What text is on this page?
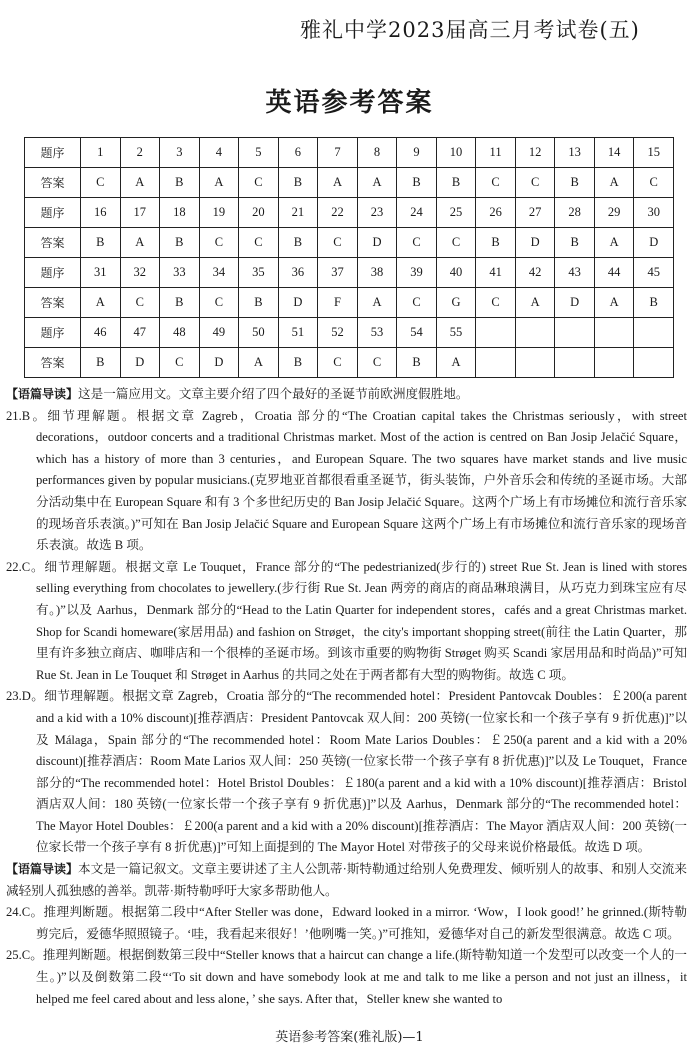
雅礼中学2023届高三月考试卷(五)
英语参考答案
题序	1	2	3	4	5	6	7	8	9	10	11	12	13	14	15
答案	C	A	B	A	C	B	A	A	B	B	C	C	B	A	C
题序	16	17	18	19	20	21	22	23	24	25	26	27	28	29	30
答案	B	A	B	C	C	B	C	D	C	C	B	D	B	A	D
题序	31	32	33	34	35	36	37	38	39	40	41	42	43	44	45
答案	A	C	B	C	B	D	F	A	C	G	C	A	D	A	B
题序	46	47	48	49	50	51	52	53	54	55					
答案	B	D	C	D	A	B	C	C	B	A					

【语篇导读】这是一篇应用文。文章主要介绍了四个最好的圣诞节前欧洲度假胜地。

21.B。细节理解题。根据文章 Zagreb，Croatia 部分的“The Croatian capital takes the Christmas seriously，with street decorations，outdoor concerts and a traditional Christmas market. Most of the action is centred on Ban Josip Jelačić Square，which has a history of more than 3 centuries，and European Square. The two squares have market stands and live music performances given by popular musicians.(克罗地亚首都很看重圣诞节，街头装饰，户外音乐会和传统的圣诞市场。大部分活动集中在 European Square 和有 3 个多世纪历史的 Ban Josip Jelačić Square。这两个广场上有市场摊位和流行音乐家的现场音乐表演。)”可知在 Ban Josip Jelačić Square and European Square 这两个广场上有市场摊位和流行音乐家的现场音乐表演。故选 B 项。

22.C。细节理解题。根据文章 Le Touquet，France 部分的“The pedestrianized(步行的) street Rue St. Jean is lined with stores selling everything from chocolates to jewellery.(步行街 Rue St. Jean 两旁的商店的商品琳琅满目，从巧克力到珠宝应有尽有。)”以及 Aarhus，Denmark 部分的“Head to the Latin Quarter for independent stores，cafés and a great Christmas market. Shop for Scandi homeware(家居用品) and fashion on Strøget，the city's important shopping street(前往 the Latin Quarter，那里有许多独立商店、咖啡店和一个很棒的圣诞市场。到该市重要的购物街 Strøget 购买 Scandi 家居用品和时尚品)”可知 Rue St. Jean in Le Touquet 和 Strøget in Aarhus 的共同之处在于两者都有大型的购物街。故选 C 项。

23.D。细节理解题。根据文章 Zagreb，Croatia 部分的“The recommended hotel：President Pantovcak Doubles：￡200(a parent and a kid with a 10% discount)[推荐酒店：President Pantovcak 双人间：200 英镑(一位家长和一个孩子享有 9 折优惠)]”以及 Málaga，Spain 部分的“The recommended hotel：Room Mate Larios Doubles：￡250(a parent and a kid with a 20% discount)[推荐酒店：Room Mate Larios 双人间：250 英镑(一位家长带一个孩子享有 8 折优惠)]”以及 Le Touquet，France 部分的“The recommended hotel：Hotel Bristol Doubles：￡180(a parent and a kid with a 10% discount)[推荐酒店：Bristol 酒店双人间：180 英镑(一位家长带一个孩子享有 9 折优惠)]”以及 Aarhus，Denmark 部分的“The recommended hotel：The Mayor Hotel Doubles：￡200(a parent and a kid with a 20% discount)[推荐酒店：The Mayor 酒店双人间：200 英镑(一位家长带一个孩子享有 8 折优惠)]”可知上面提到的 The Mayor Hotel 对带孩子的父母来说价格最低。故选 D 项。

【语篇导读】本文是一篇记叙文。文章主要讲述了主人公凯蒂·斯特勒通过给别人免费理发、倾听别人的故事、和别人交流来减轻别人孤独感的善举。凯蒂·斯特勒呼吁大家多帮助他人。

24.C。推理判断题。根据第二段中“After Steller was done，Edward looked in a mirror. ‘Wow，I look good!’ he grinned.(斯特勒剪完后，爱德华照照镜子。‘哇，我看起来很好！’他咧嘴一笑。)”可推知，爱德华对自己的新发型很满意。故选 C 项。

25.C。推理判断题。根据倒数第三段中“Steller knows that a haircut can change a life.(斯特勒知道一个发型可以改变一个人的一生。)”以及倒数第二段“‘To sit down and have somebody look at me and talk to me like a person and not just an illness，it helped me feel cared about and less alone，’ she says. After that，Steller knew she wanted to

英语参考答案(雅礼版)—1
